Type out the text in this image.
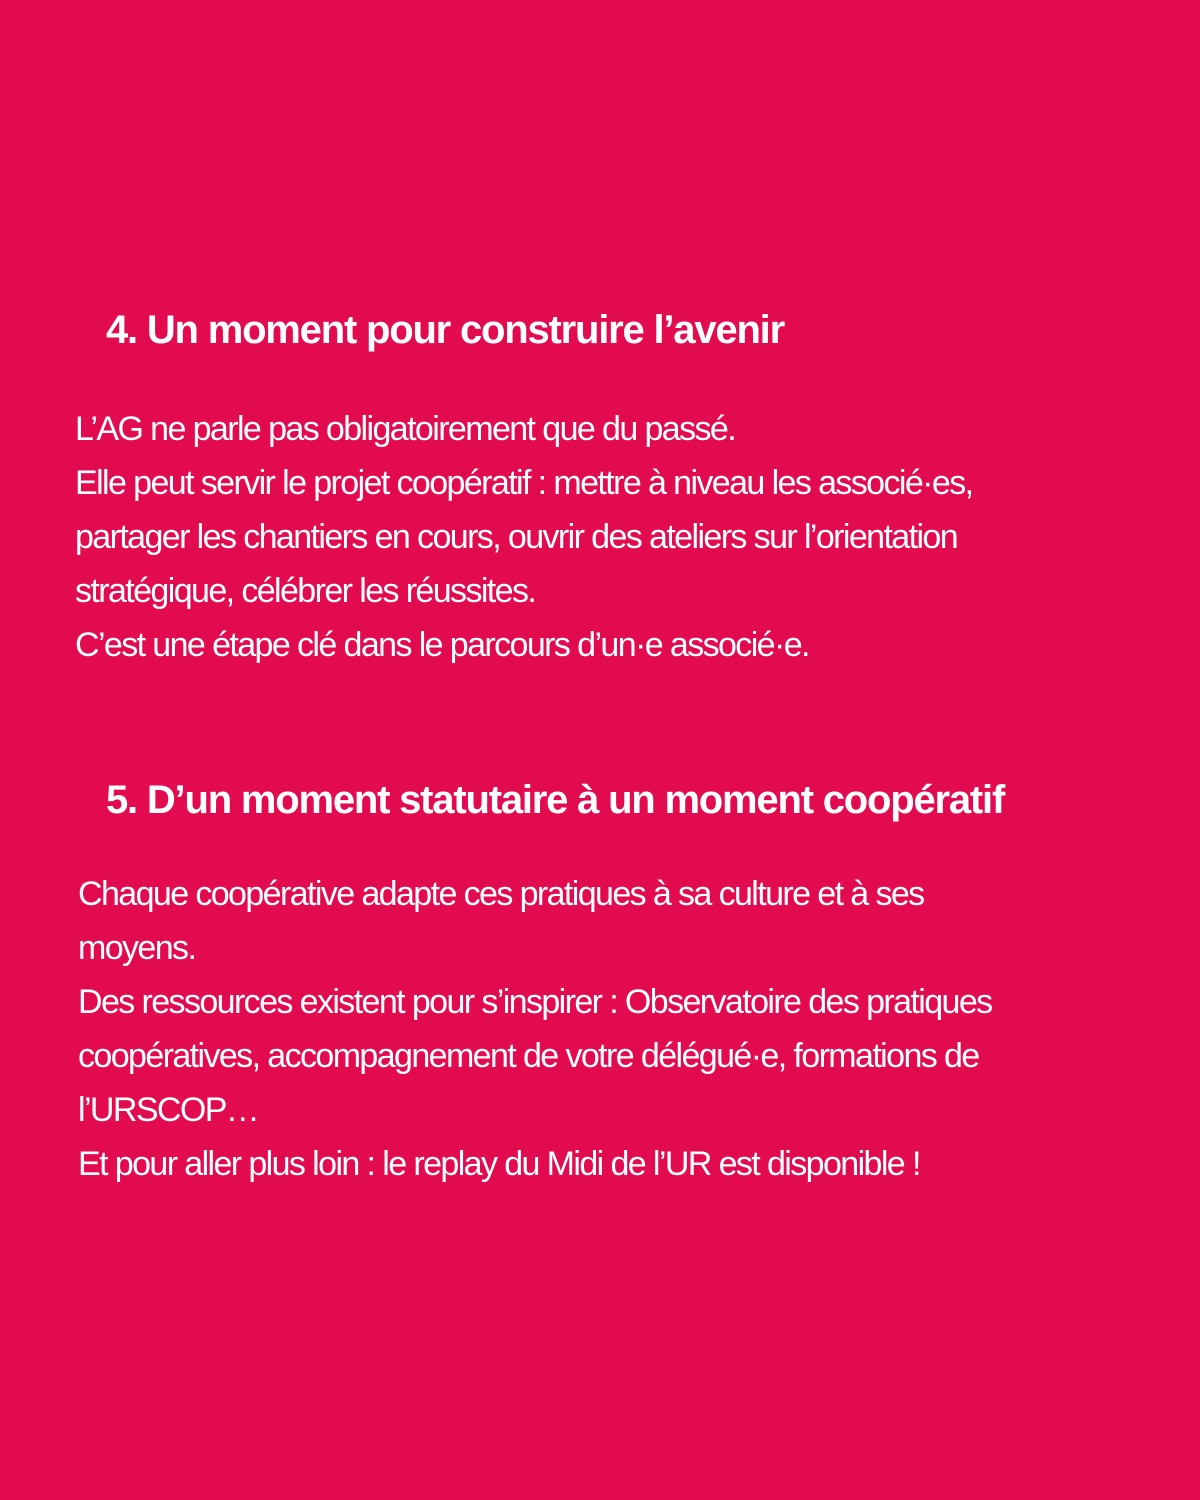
4. Un moment pour construire l’avenir

L’AG ne parle pas obligatoirement que du passé.
Elle peut servir le projet coopératif : mettre à niveau les associé·es,
partager les chantiers en cours, ouvrir des ateliers sur l’orientation
stratégique, célébrer les réussites.
C’est une étape clé dans le parcours d’un·e associé·e.

5. D’un moment statutaire à un moment coopératif

Chaque coopérative adapte ces pratiques à sa culture et à ses
moyens.
Des ressources existent pour s’inspirer : Observatoire des pratiques
coopératives, accompagnement de votre délégué·e, formations de
l’URSCOP…
Et pour aller plus loin : le replay du Midi de l’UR est disponible !
